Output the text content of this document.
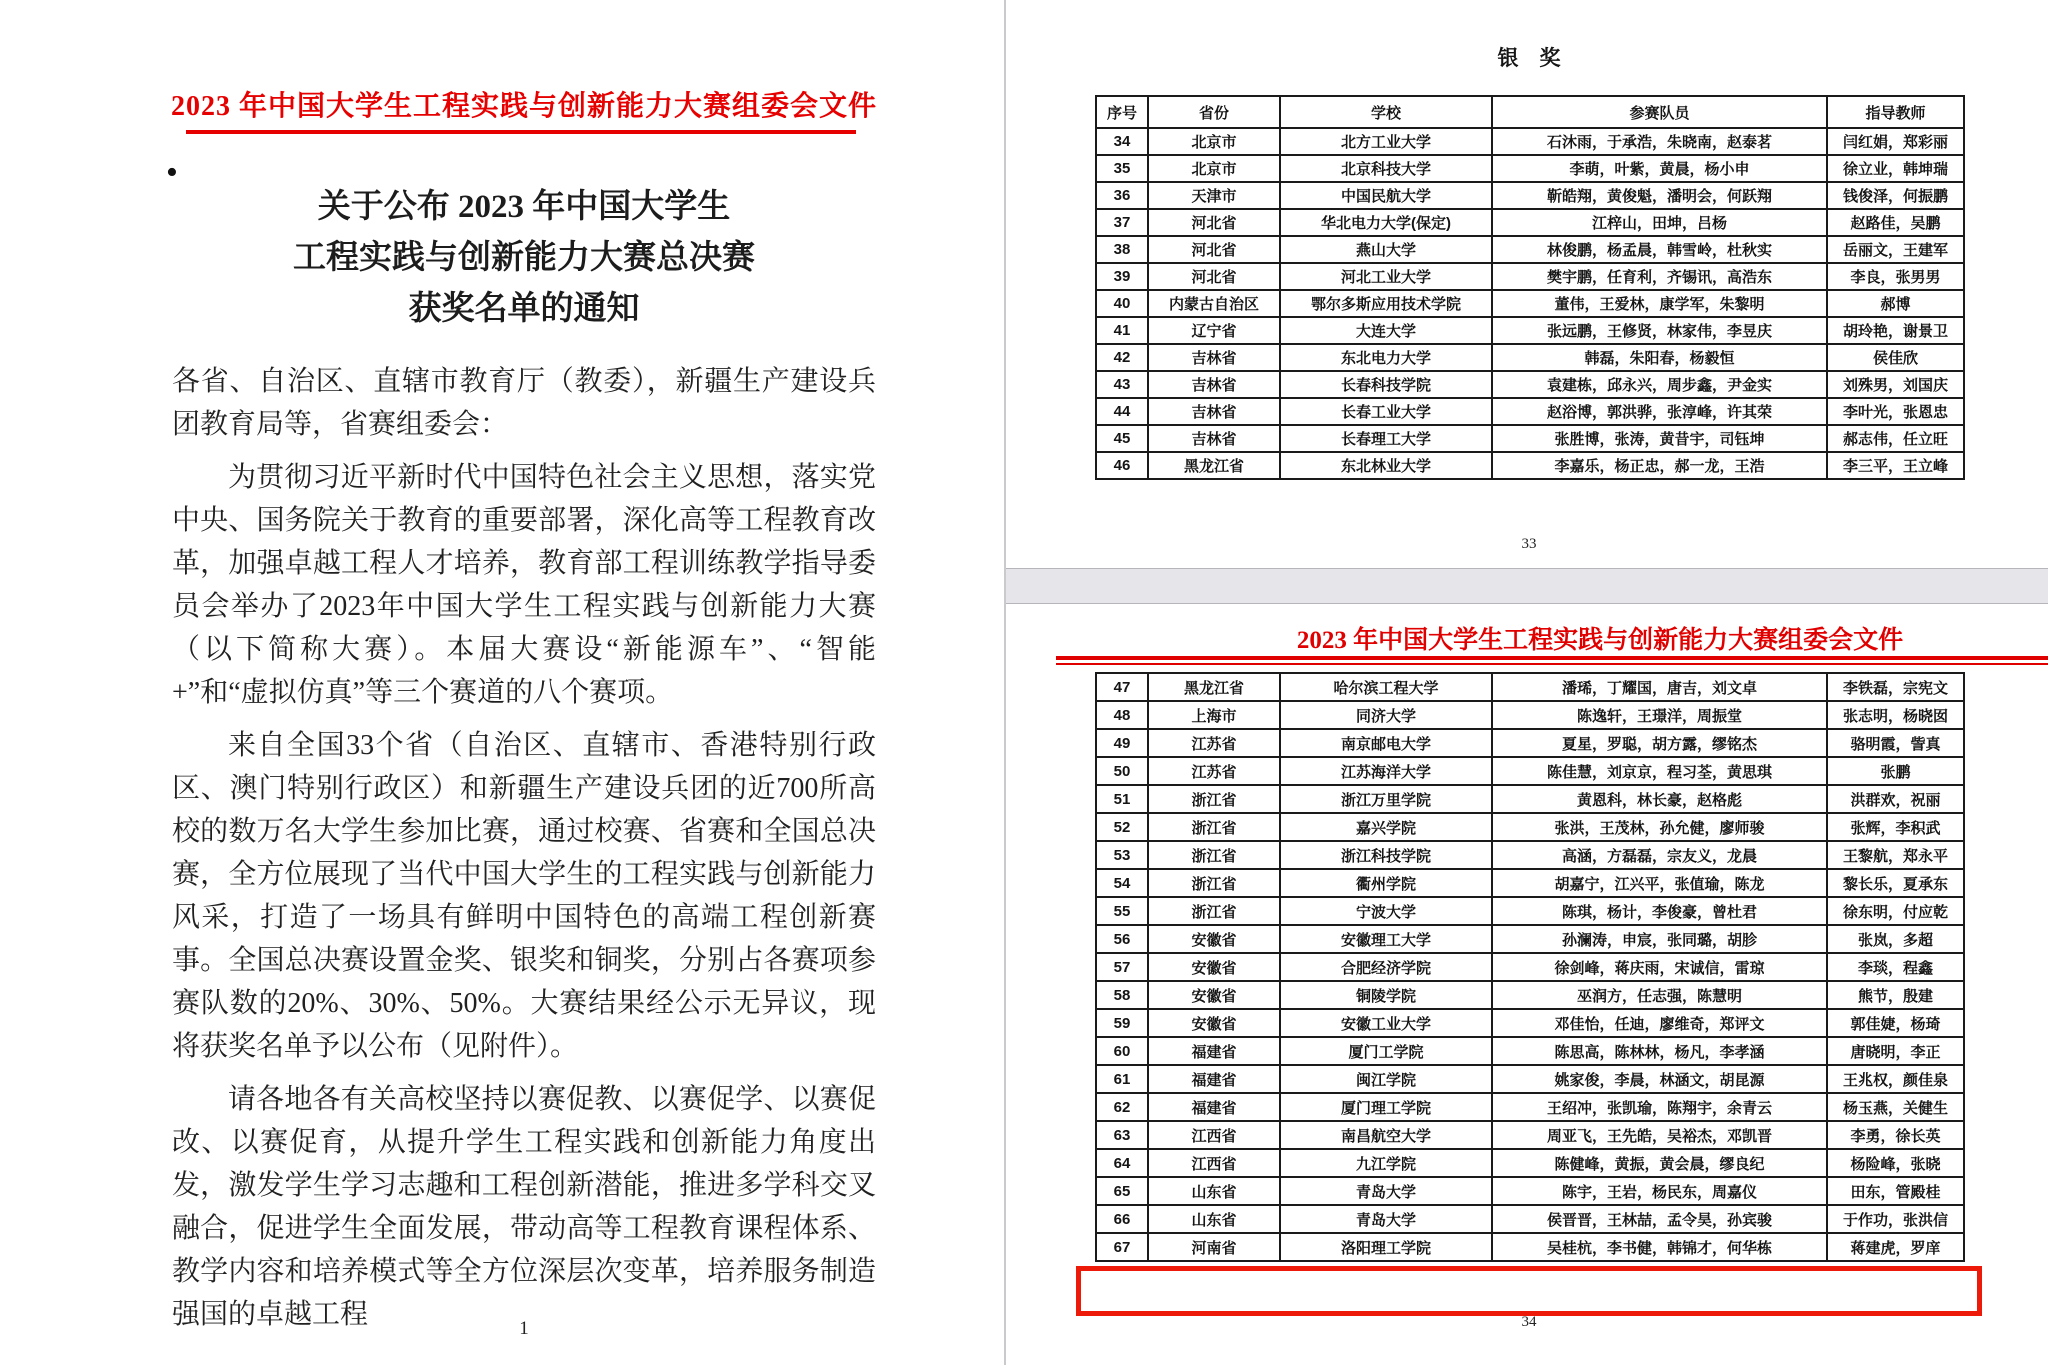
2023 年中国大学生工程实践与创新能力大赛组委会文件
•
关于公布 2023 年中国大学生
工程实践与创新能力大赛总决赛
获奖名单的通知

各省、自治区、直辖市教育厅（教委），新疆生产建设兵团教育局等，省赛组委会：

为贯彻习近平新时代中国特色社会主义思想，落实党中央、国务院关于教育的重要部署，深化高等工程教育改革，加强卓越工程人才培养，教育部工程训练教学指导委员会举办了2023年中国大学生工程实践与创新能力大赛（以下简称大赛）。本届大赛设“新能源车”、“智能+”和“虚拟仿真”等三个赛道的八个赛项。

来自全国33个省（自治区、直辖市、香港特别行政区、澳门特别行政区）和新疆生产建设兵团的近700所高校的数万名大学生参加比赛，通过校赛、省赛和全国总决赛，全方位展现了当代中国大学生的工程实践与创新能力风采，打造了一场具有鲜明中国特色的高端工程创新赛事。全国总决赛设置金奖、银奖和铜奖，分别占各赛项参赛队数的20%、30%、50%。大赛结果经公示无异议，现将获奖名单予以公布（见附件）。

请各地各有关高校坚持以赛促教、以赛促学、以赛促改、以赛促育，从提升学生工程实践和创新能力角度出发，激发学生学习志趣和工程创新潜能，推进多学科交叉融合，促进学生全面发展，带动高等工程教育课程体系、教学内容和培养模式等全方位深层次变革，培养服务制造强国的卓越工程	1
银　奖
序号	省份	学校	参赛队员	指导教师
34	北京市	北方工业大学	石沐雨，于承浩，朱晓南，赵泰茗	闫红娟，郑彩丽
35	北京市	北京科技大学	李萌，叶紫，黄晨，杨小申	徐立业，韩坤瑞
36	天津市	中国民航大学	靳皓翔，黄俊魁，潘明会，何跃翔	钱俊泽，何振鹏
37	河北省	华北电力大学(保定)	江梓山，田坤，吕杨	赵路佳，吴鹏
38	河北省	燕山大学	林俊鹏，杨孟晨，韩雪岭，杜秋实	岳丽文，王建军
39	河北省	河北工业大学	樊宇鹏，任育利，齐锡讯，高浩东	李良，张男男
40	内蒙古自治区	鄂尔多斯应用技术学院	董伟，王爱林，康学军，朱黎明	郝博
41	辽宁省	大连大学	张远鹏，王修贤，林家伟，李昱庆	胡玲艳，谢景卫
42	吉林省	东北电力大学	韩磊，朱阳春，杨毅恒	侯佳欣
43	吉林省	长春科技学院	袁建栋，邱永兴，周步鑫，尹金实	刘殊男，刘国庆
44	吉林省	长春工业大学	赵浴博，郭洪骅，张淳峰，许其荣	李叶光，张恩忠
45	吉林省	长春理工大学	张胜博，张涛，黄昔宇，司钰坤	郝志伟，任立旺
46	黑龙江省	东北林业大学	李嘉乐，杨正忠，郝一龙，王浩	李三平，王立峰
33
2023 年中国大学生工程实践与创新能力大赛组委会文件
47	黑龙江省	哈尔滨工程大学	潘琋，丁耀国，唐吉，刘文卓	李铁磊，宗宪文
48	上海市	同济大学	陈逸轩，王璟洋，周振堂	张志明，杨晓囡
49	江苏省	南京邮电大学	夏星，罗聪，胡方露，缪铭杰	骆明霞，訾真
50	江苏省	江苏海洋大学	陈佳慧，刘京京，程习荃，黄思琪	张鹏
51	浙江省	浙江万里学院	黄恩科，林长豪，赵格彪	洪群欢，祝丽
52	浙江省	嘉兴学院	张洪，王茂林，孙允健，廖师骏	张辉，李积武
53	浙江省	浙江科技学院	高涵，方磊磊，宗友义，龙晨	王黎航，郑永平
54	浙江省	衢州学院	胡嘉宁，江兴平，张值瑜，陈龙	黎长乐，夏承东
55	浙江省	宁波大学	陈琪，杨计，李俊豪，曾杜君	徐东明，付应乾
56	安徽省	安徽理工大学	孙澜涛，申宸，张同璐，胡胗	张岚，多超
57	安徽省	合肥经济学院	徐剑峰，蒋庆雨，宋诚信，雷琼	李琰，程鑫
58	安徽省	铜陵学院	巫润方，任志强，陈慧明	熊节，殷建
59	安徽省	安徽工业大学	邓佳怡，任迪，廖维奇，郑评文	郭佳婕，杨琦
60	福建省	厦门工学院	陈思高，陈林林，杨凡，李孝涵	唐晓明，李正
61	福建省	闽江学院	姚家俊，李晨，林涵文，胡昆源	王兆权，颜佳泉
62	福建省	厦门理工学院	王绍冲，张凯瑜，陈翔宇，余青云	杨玉燕，关健生
63	江西省	南昌航空大学	周亚飞，王先皓，吴裕杰，邓凯晋	李勇，徐长英
64	江西省	九江学院	陈健峰，黄振，黄会晨，缪良纪	杨险峰，张晓
65	山东省	青岛大学	陈宇，王岩，杨民东，周嘉仪	田东，管殿桂
66	山东省	青岛大学	侯晋晋，王林喆，孟令昊，孙宾骏	于作功，张洪信
67	河南省	洛阳理工学院	吴桂杭，李书健，韩锦才，何华栋	蒋建虎，罗庠
34
